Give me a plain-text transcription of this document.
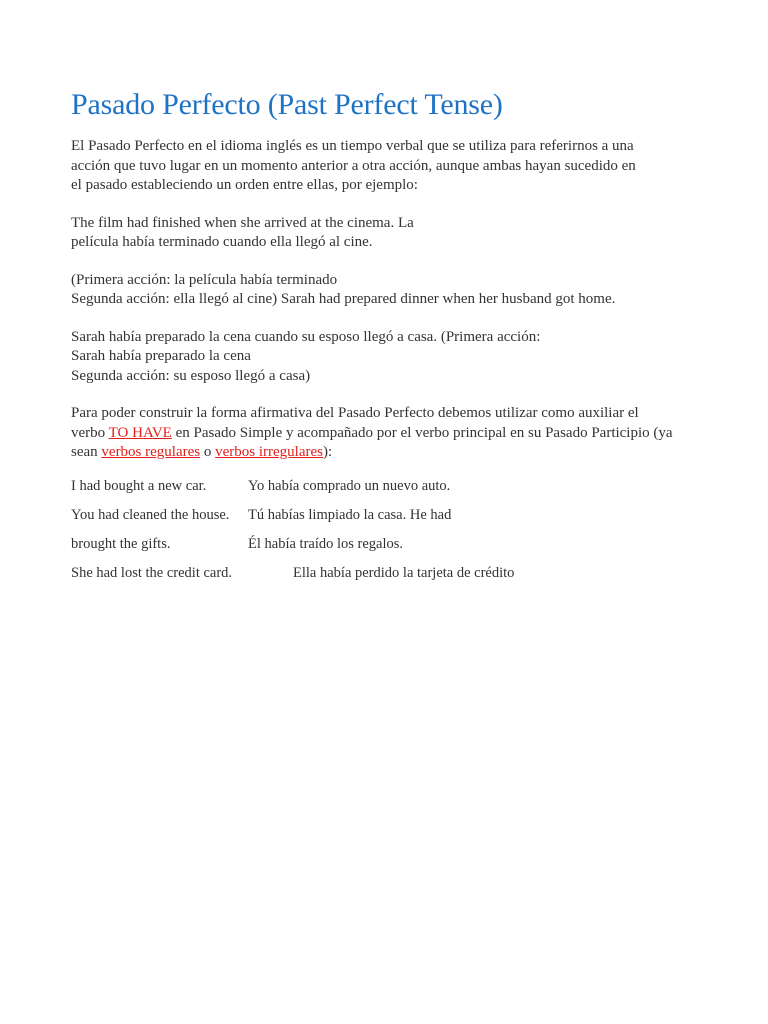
Pasado Perfecto (Past Perfect Tense)

El Pasado Perfecto en el idioma inglés es un tiempo verbal que se utiliza para referirnos a una
acción que tuvo lugar en un momento anterior a otra acción, aunque ambas hayan sucedido en
el pasado estableciendo un orden entre ellas, por ejemplo:

The film had finished when she arrived at the cinema. La
película había terminado cuando ella llegó al cine.

(Primera acción: la película había terminado
Segunda acción: ella llegó al cine) Sarah had prepared dinner when her husband got home.

Sarah había preparado la cena cuando su esposo llegó a casa. (Primera acción:
Sarah había preparado la cena
Segunda acción: su esposo llegó a casa)

Para poder construir la forma afirmativa del Pasado Perfecto debemos utilizar como auxiliar el
verbo TO HAVE en Pasado Simple y acompañado por el verbo principal en su Pasado Participio (ya
sean verbos regulares o verbos irregulares):

I had bought a new car.	Yo había comprado un nuevo auto.
You had cleaned the house. Tú habías limpiado la casa. He had
brought the gifts.	Él había traído los regalos.
She had lost the credit card.	Ella había perdido la tarjeta de crédito
